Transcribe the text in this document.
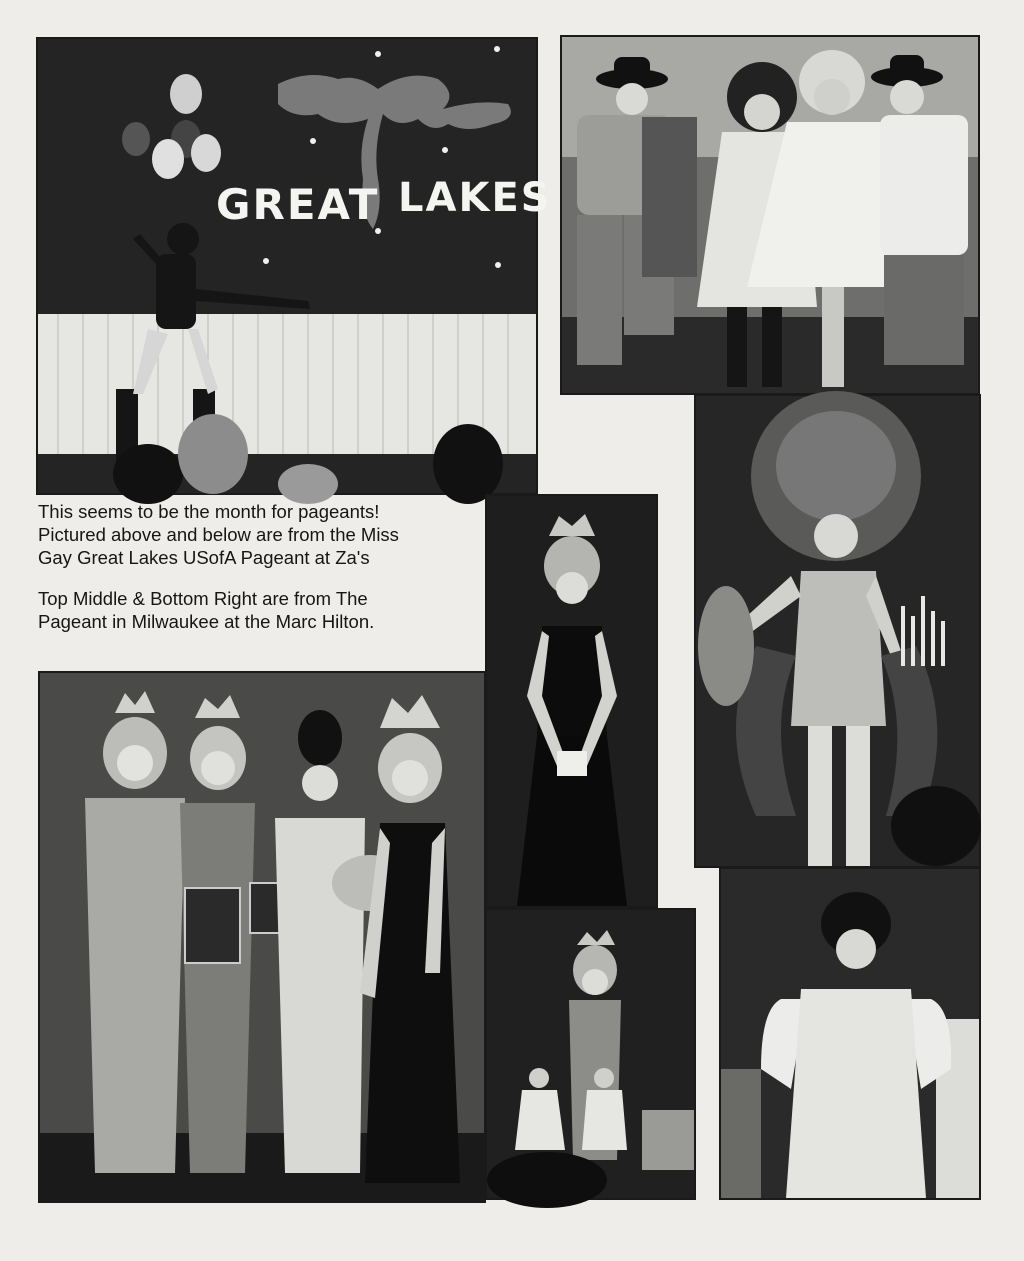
GREAT LAKES

This seems to be the month for pageants!
Pictured above and below are from the Miss
Gay Great Lakes USofA Pageant at Za's

Top Middle & Bottom Right are from The
Pageant in Milwaukee at the Marc Hilton.
